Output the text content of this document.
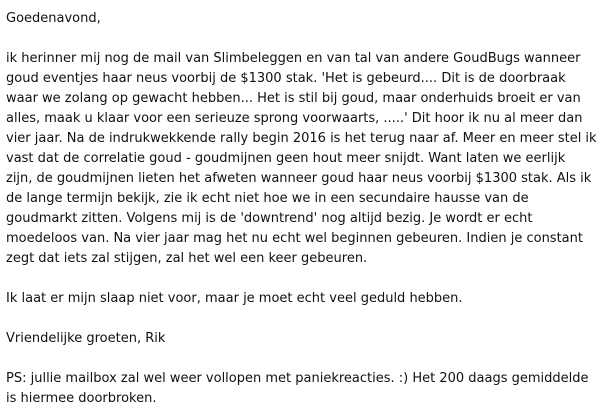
Goedenavond,

ik herinner mij nog de mail van Slimbeleggen en van tal van andere GoudBugs wanneer
goud eventjes haar neus voorbij de $1300 stak. 'Het is gebeurd.... Dit is de doorbraak
waar we zolang op gewacht hebben... Het is stil bij goud, maar onderhuids broeit er van
alles, maak u klaar voor een serieuze sprong voorwaarts, .....' Dit hoor ik nu al meer dan
vier jaar. Na de indrukwekkende rally begin 2016 is het terug naar af. Meer en meer stel ik
vast dat de correlatie goud - goudmijnen geen hout meer snijdt. Want laten we eerlijk
zijn, de goudmijnen lieten het afweten wanneer goud haar neus voorbij $1300 stak. Als ik
de lange termijn bekijk, zie ik echt niet hoe we in een secundaire hausse van de
goudmarkt zitten. Volgens mij is de 'downtrend' nog altijd bezig. Je wordt er echt
moedeloos van. Na vier jaar mag het nu echt wel beginnen gebeuren. Indien je constant
zegt dat iets zal stijgen, zal het wel een keer gebeuren.

Ik laat er mijn slaap niet voor, maar je moet echt veel geduld hebben.

Vriendelijke groeten, Rik

PS: jullie mailbox zal wel weer vollopen met paniekreacties. :) Het 200 daags gemiddelde
is hiermee doorbroken.
